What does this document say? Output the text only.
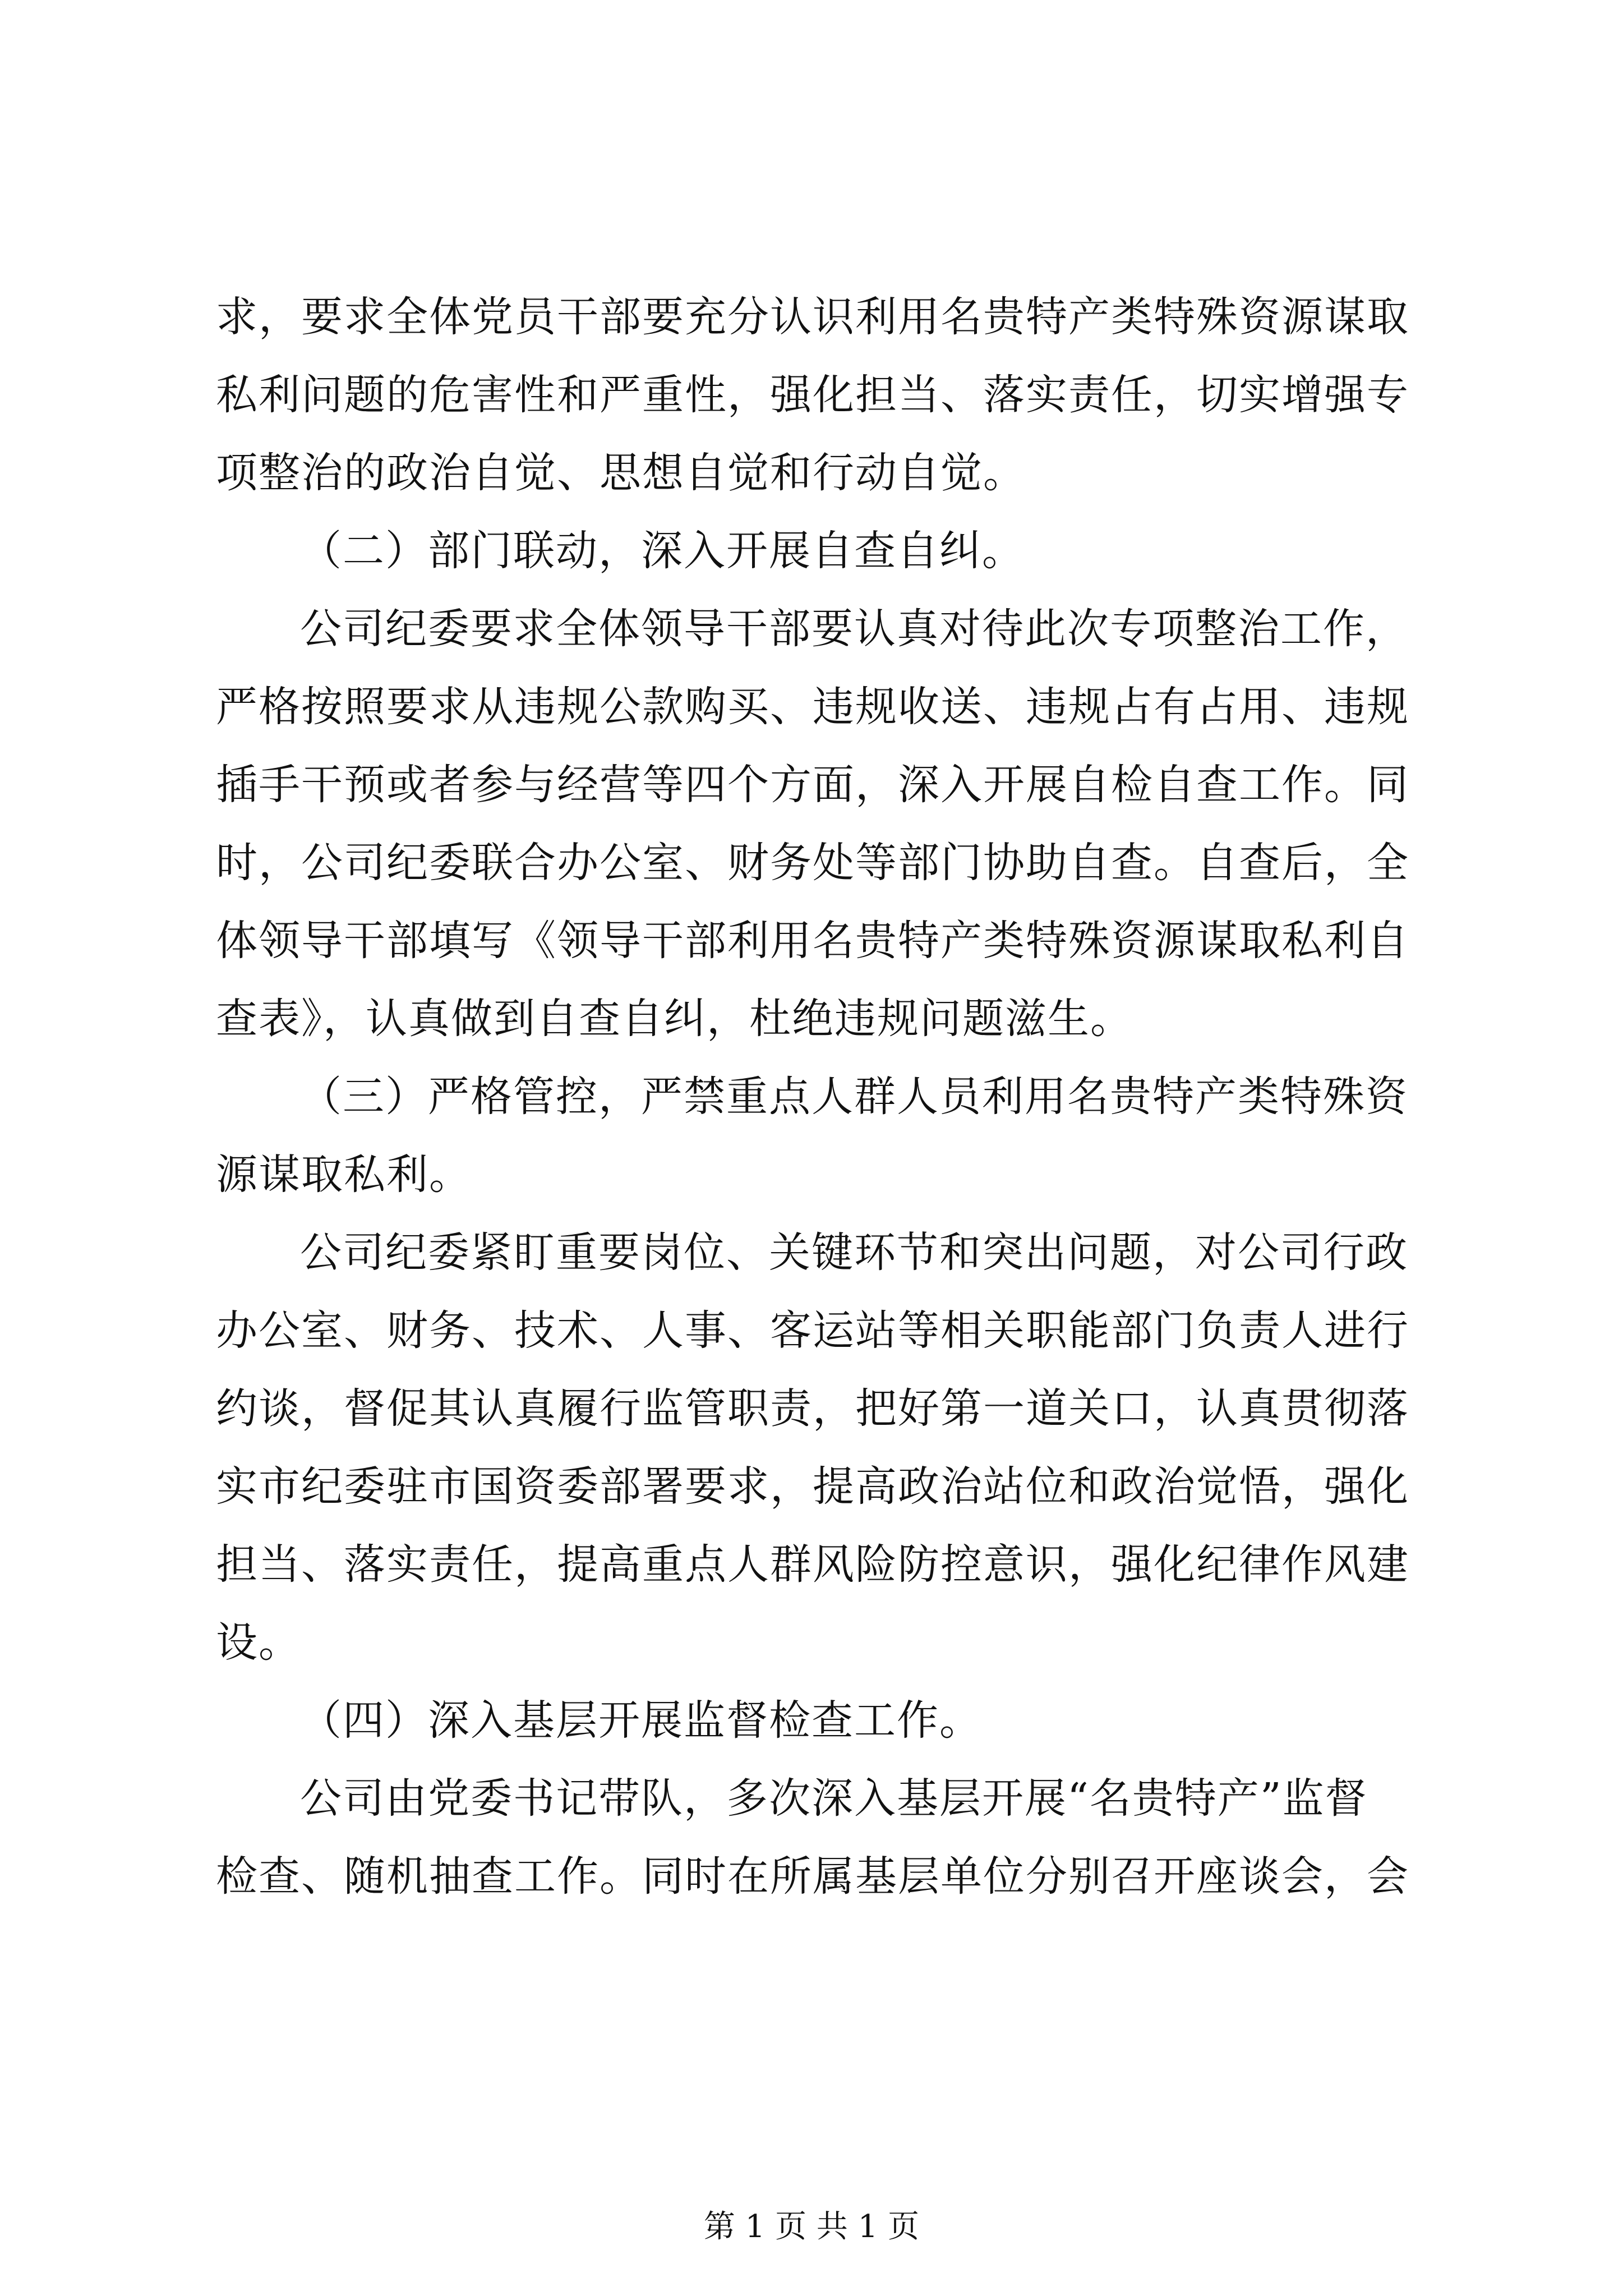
求，要求全体党员干部要充分认识利用名贵特产类特殊资源谋取
私利问题的危害性和严重性，强化担当、落实责任，切实增强专
项整治的政治自觉、思想自觉和行动自觉。
（二）部门联动，深入开展自查自纠。
公司纪委要求全体领导干部要认真对待此次专项整治工作，
严格按照要求从违规公款购买、违规收送、违规占有占用、违规
插手干预或者参与经营等四个方面，深入开展自检自查工作。同
时，公司纪委联合办公室、财务处等部门协助自查。自查后，全
体领导干部填写《领导干部利用名贵特产类特殊资源谋取私利自
查表》，认真做到自查自纠，杜绝违规问题滋生。
（三）严格管控，严禁重点人群人员利用名贵特产类特殊资
源谋取私利。
公司纪委紧盯重要岗位、关键环节和突出问题，对公司行政
办公室、财务、技术、人事、客运站等相关职能部门负责人进行
约谈，督促其认真履行监管职责，把好第一道关口，认真贯彻落
实市纪委驻市国资委部署要求，提高政治站位和政治觉悟，强化
担当、落实责任，提高重点人群风险防控意识，强化纪律作风建
设。
（四）深入基层开展监督检查工作。
公司由党委书记带队，多次深入基层开展“名贵特产”监督
检查、随机抽查工作。同时在所属基层单位分别召开座谈会，会
第 1 页 共 1 页
